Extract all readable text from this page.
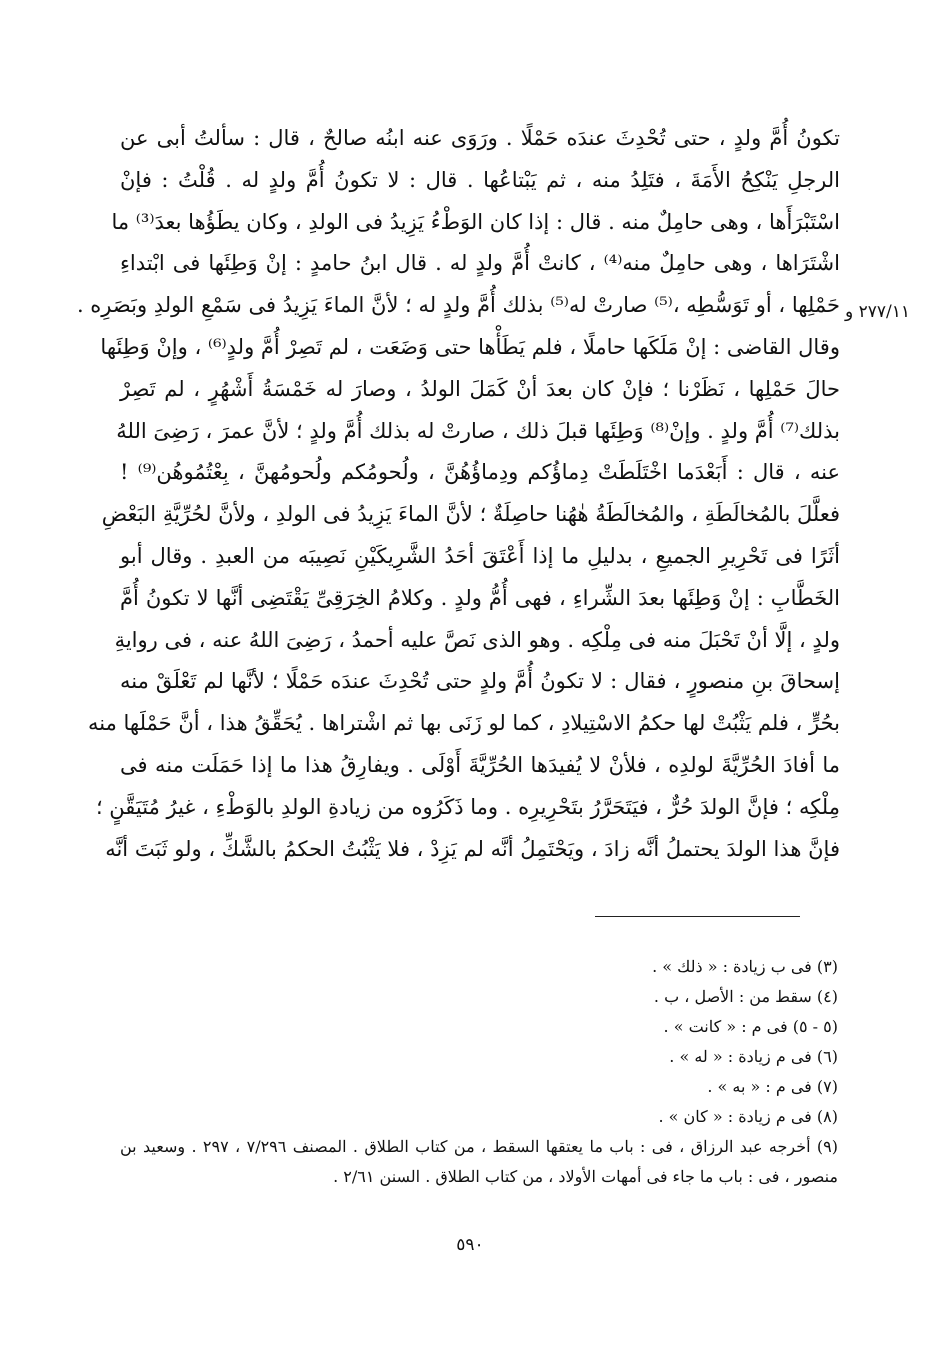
تكونُ أُمَّ ولدٍ ، حتى تُحْدِثَ عندَه حَمْلًا . ورَوَى عنه ابنُه صالحٌ ، قال : سألتُ أبى عن
الرجلِ يَنْكِحُ الأَمَةَ ، فتَلِدُ منه ، ثم يَبْتاعُها . قال : لا تكونُ أُمَّ ولدٍ له . قُلْتُ : فإنْ
اسْتَبْرَأَها ، وهى حامِلٌ منه . قال : إذا كان الوَطْءُ يَزِيدُ فى الولدِ ، وكان يطَؤُها بعدَ⁽³⁾ ما
اشْتَرَاها ، وهى حامِلٌ منه⁽⁴⁾ ، كانتْ أُمَّ ولدٍ له . قال ابنُ حامدٍ : إنْ وَطِئَها فى ابْتداءِ
حَمْلِها ، أو تَوَسُّطِه ،⁽⁵⁾ صارتْ له⁽⁵⁾ بذلك أُمَّ ولدٍ له ؛ لأنَّ الماءَ يَزِيدُ فى سَمْعِ الولدِ وبَصَرِه .
وقال القاضى : إنْ مَلَكَها حاملًا ، فلم يَطَأْها حتى وَضَعَت ، لم تَصِرْ أُمَّ ولدٍ⁽⁶⁾ ، وإنْ وَطِئَها
حالَ حَمْلِها ، نَظَرْنا ؛ فإنْ كان بعدَ أنْ كَمَلَ الولدُ ، وصارَ له خَمْسَةُ أَشْهُرٍ ، لم تَصِرْ
بذلك⁽⁷⁾ أُمَّ ولدٍ . وإنْ⁽⁸⁾ وَطِئَها قبلَ ذلك ، صارتْ له بذلك أُمَّ ولدٍ ؛ لأنَّ عمرَ ، رَضِىَ اللهُ
عنه ، قال : أَبَعْدَما اخْتَلَطَتْ دِماؤُكم ودِماؤُهُنَّ ، ولُحومُكم ولُحومُهنَّ ، بِعْتُمُوهُن⁽⁹⁾ !
فعلَّلَ بالمُخالَطَةِ ، والمُخالَطَةُ هٰهُنا حاصِلَةٌ ؛ لأنَّ الماءَ يَزِيدُ فى الولدِ ، ولأنَّ لحُرِّيَّةِ البَعْضِ
أثَرًا فى تَحْرِيرِ الجميعِ ، بدليلِ ما إذا أَعْتَقَ أحَدُ الشَّرِيكَيْنِ نَصِيبَه من العبدِ . وقال أبو
الخَطَّابِ : إنْ وَطِئَها بعدَ الشِّراءِ ، فهى أُمُّ ولدٍ . وكلامُ الخِرَقِىِّ يَقْتَضِى أنَّها لا تكونُ أُمَّ
ولدٍ ، إلَّا أنْ تَحْبَلَ منه فى مِلْكِه . وهو الذى نَصَّ عليه أحمدُ ، رَضِىَ اللهُ عنه ، فى روايةِ
إسحاقَ بنِ منصورٍ ، فقال : لا تكونُ أُمَّ ولدٍ حتى تُحْدِثَ عندَه حَمْلًا ؛ لأنَّها لم تَعْلَقْ منه
بحُرٍّ ، فلم يَثْبُتْ لها حكمُ الاسْتِيلادِ ، كما لو زَنَى بها ثم اشْتراها . يُحَقِّقُ هذا ، أنَّ حَمْلَها منه
ما أفادَ الحُرِّيَّةَ لولدِه ، فلأنْ لا يُفيدَها الحُرِّيَّةَ أَوْلَى . ويفارِقُ هذا ما إذا حَمَلَت منه فى
مِلْكِه ؛ فإنَّ الولدَ حُرٌّ ، فيَتَحَرَّرُ بتَحْرِيرِه . وما ذَكَرُوه من زيادةِ الولدِ بالوَطْءِ ، غيرُ مُتَيَقَّنٍ ؛
فإنَّ هذا الولدَ يحتملُ أنَّه زادَ ، ويَحْتَمِلُ أنَّه لم يَزِدْ ، فلا يَثْبُتُ الحكمُ بالشَّكِّ ، ولو ثَبَتَ أنَّه
٢٧٧/١١ و
(٣) فى ب زيادة : « ذلك » .
(٤) سقط من : الأصل ، ب .
(٥ - ٥) فى م : « كانت » .
(٦) فى م زيادة : « له » .
(٧) فى م : « به » .
(٨) فى م زيادة : « كان » .
(٩) أخرجه عبد الرزاق ، فى : باب ما يعتقها السقط ، من كتاب الطلاق . المصنف ٧/٢٩٦ ، ٢٩٧ . وسعيد بن منصور ، فى : باب ما جاء فى أمهات الأولاد ، من كتاب الطلاق . السنن ٢/٦١ .
٥٩٠
